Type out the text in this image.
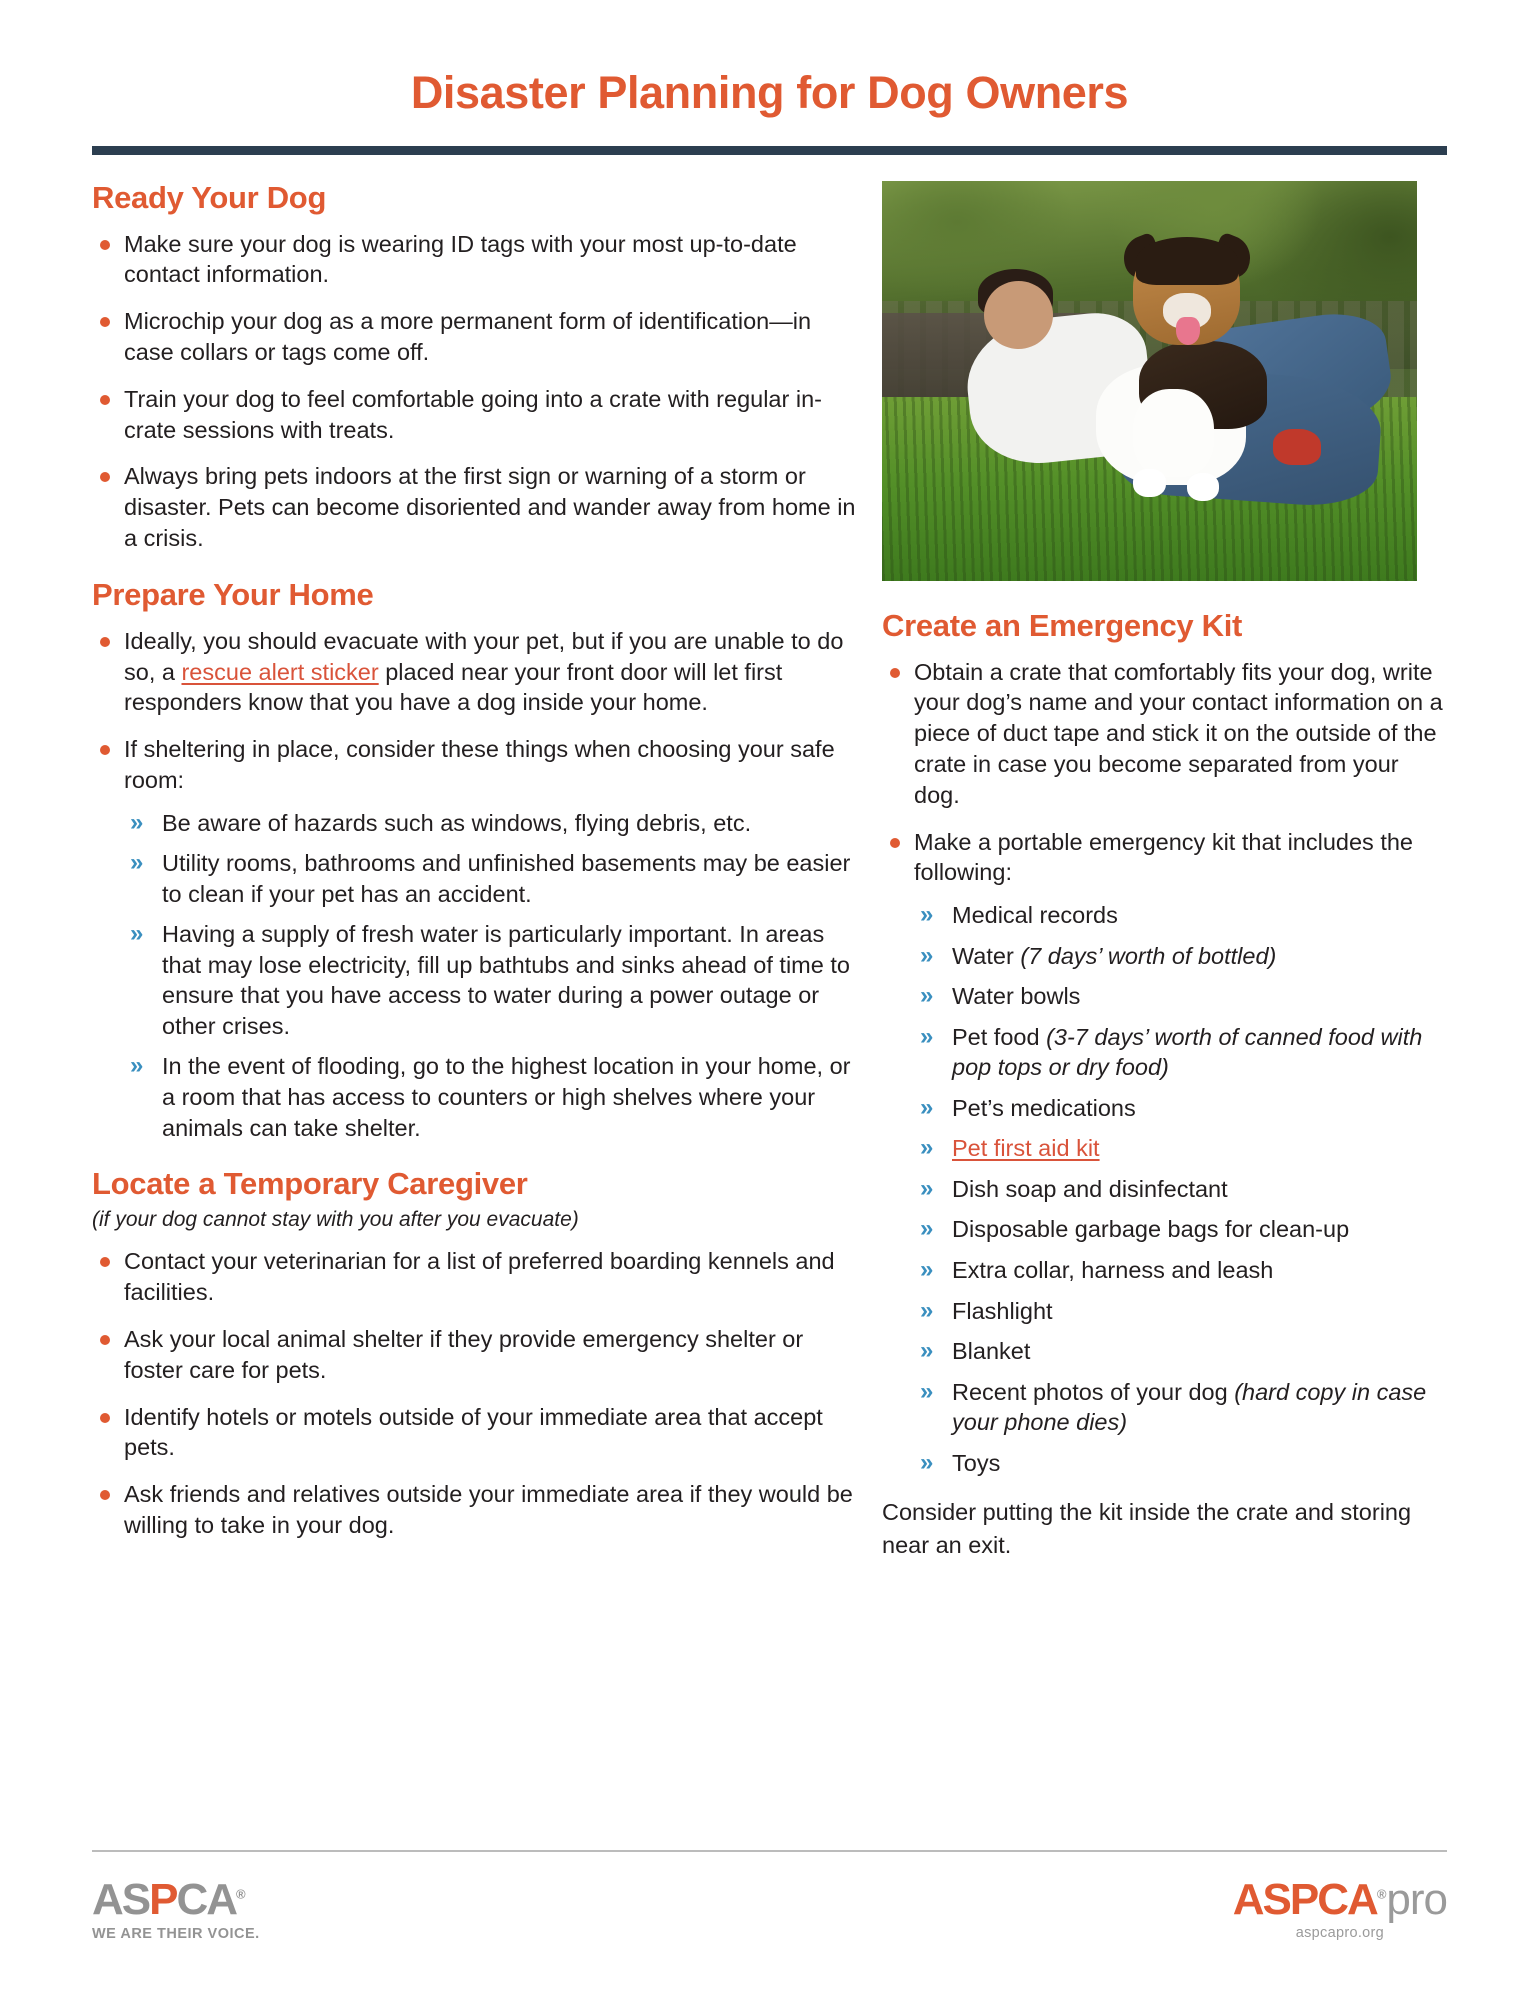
Disaster Planning for Dog Owners
Ready Your Dog
Make sure your dog is wearing ID tags with your most up-to-date contact information.
Microchip your dog as a more permanent form of identification—in case collars or tags come off.
Train your dog to feel comfortable going into a crate with regular in-crate sessions with treats.
Always bring pets indoors at the first sign or warning of a storm or disaster. Pets can become disoriented and wander away from home in a crisis.
Prepare Your Home
Ideally, you should evacuate with your pet, but if you are unable to do so, a rescue alert sticker placed near your front door will let first responders know that you have a dog inside your home.
If sheltering in place, consider these things when choosing your safe room:
» Be aware of hazards such as windows, flying debris, etc.
» Utility rooms, bathrooms and unfinished basements may be easier to clean if your pet has an accident.
» Having a supply of fresh water is particularly important. In areas that may lose electricity, fill up bathtubs and sinks ahead of time to ensure that you have access to water during a power outage or other crises.
» In the event of flooding, go to the highest location in your home, or a room that has access to counters or high shelves where your animals can take shelter.
Locate a Temporary Caregiver
(if your dog cannot stay with you after you evacuate)
Contact your veterinarian for a list of preferred boarding kennels and facilities.
Ask your local animal shelter if they provide emergency shelter or foster care for pets.
Identify hotels or motels outside of your immediate area that accept pets.
Ask friends and relatives outside your immediate area if they would be willing to take in your dog.
Create an Emergency Kit
Obtain a crate that comfortably fits your dog, write your dog’s name and your contact information on a piece of duct tape and stick it on the outside of the crate in case you become separated from your dog.
Make a portable emergency kit that includes the following:
» Medical records
» Water (7 days’ worth of bottled)
» Water bowls
» Pet food (3-7 days’ worth of canned food with pop tops or dry food)
» Pet’s medications
» Pet first aid kit
» Dish soap and disinfectant
» Disposable garbage bags for clean-up
» Extra collar, harness and leash
» Flashlight
» Blanket
» Recent photos of your dog (hard copy in case your phone dies)
» Toys
Consider putting the kit inside the crate and storing near an exit.
ASPCA®
WE ARE THEIR VOICE.
ASPCA®pro
aspcapro.org
